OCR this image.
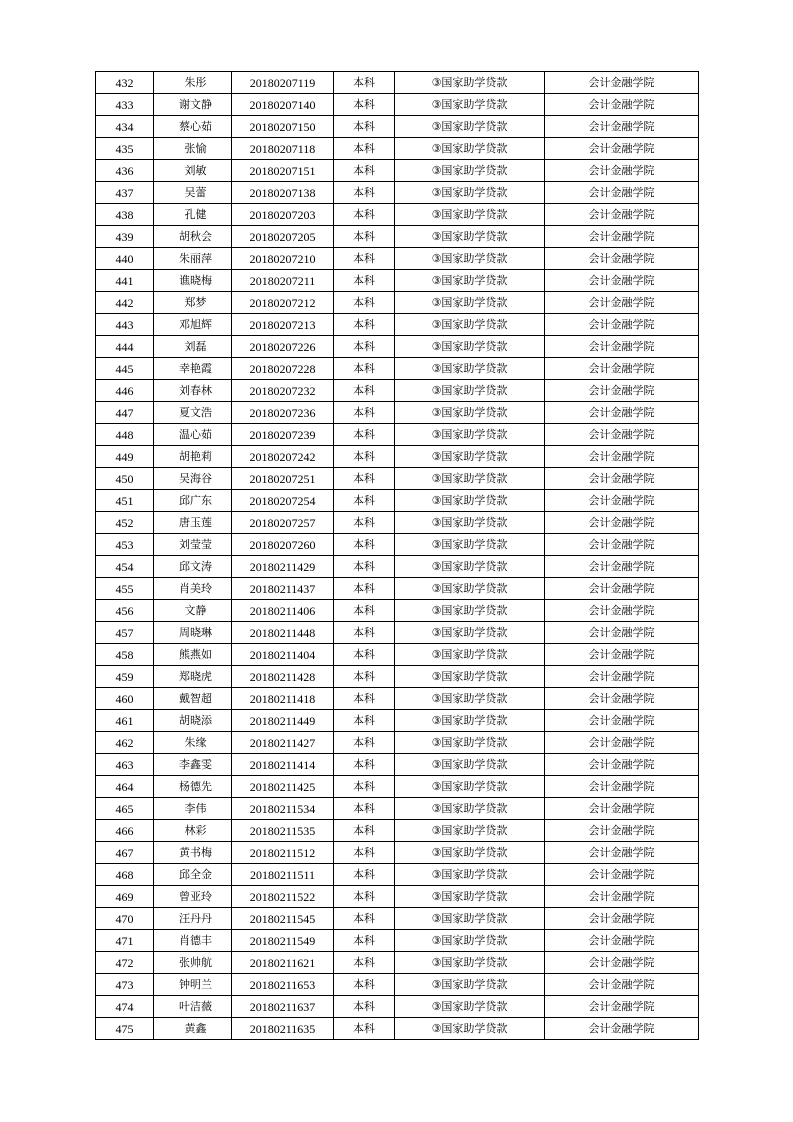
432	朱彤	20180207119	本科	③国家助学贷款	会计金融学院
433	谢文静	20180207140	本科	③国家助学贷款	会计金融学院
434	蔡心茹	20180207150	本科	③国家助学贷款	会计金融学院
435	张愉	20180207118	本科	③国家助学贷款	会计金融学院
436	刘敏	20180207151	本科	③国家助学贷款	会计金融学院
437	吴蕾	20180207138	本科	③国家助学贷款	会计金融学院
438	孔健	20180207203	本科	③国家助学贷款	会计金融学院
439	胡秋会	20180207205	本科	③国家助学贷款	会计金融学院
440	朱丽萍	20180207210	本科	③国家助学贷款	会计金融学院
441	谯晓梅	20180207211	本科	③国家助学贷款	会计金融学院
442	郑梦	20180207212	本科	③国家助学贷款	会计金融学院
443	邓旭辉	20180207213	本科	③国家助学贷款	会计金融学院
444	刘磊	20180207226	本科	③国家助学贷款	会计金融学院
445	幸艳霞	20180207228	本科	③国家助学贷款	会计金融学院
446	刘春林	20180207232	本科	③国家助学贷款	会计金融学院
447	夏文浩	20180207236	本科	③国家助学贷款	会计金融学院
448	温心茹	20180207239	本科	③国家助学贷款	会计金融学院
449	胡艳莉	20180207242	本科	③国家助学贷款	会计金融学院
450	吴海谷	20180207251	本科	③国家助学贷款	会计金融学院
451	邱广东	20180207254	本科	③国家助学贷款	会计金融学院
452	唐玉莲	20180207257	本科	③国家助学贷款	会计金融学院
453	刘莹莹	20180207260	本科	③国家助学贷款	会计金融学院
454	邱文涛	20180211429	本科	③国家助学贷款	会计金融学院
455	肖美玲	20180211437	本科	③国家助学贷款	会计金融学院
456	文静	20180211406	本科	③国家助学贷款	会计金融学院
457	周晓琳	20180211448	本科	③国家助学贷款	会计金融学院
458	熊燕如	20180211404	本科	③国家助学贷款	会计金融学院
459	郑晓虎	20180211428	本科	③国家助学贷款	会计金融学院
460	戴智超	20180211418	本科	③国家助学贷款	会计金融学院
461	胡晓添	20180211449	本科	③国家助学贷款	会计金融学院
462	朱缘	20180211427	本科	③国家助学贷款	会计金融学院
463	李鑫雯	20180211414	本科	③国家助学贷款	会计金融学院
464	杨德先	20180211425	本科	③国家助学贷款	会计金融学院
465	李伟	20180211534	本科	③国家助学贷款	会计金融学院
466	林彩	20180211535	本科	③国家助学贷款	会计金融学院
467	黄书梅	20180211512	本科	③国家助学贷款	会计金融学院
468	邱全金	20180211511	本科	③国家助学贷款	会计金融学院
469	曾亚玲	20180211522	本科	③国家助学贷款	会计金融学院
470	汪丹丹	20180211545	本科	③国家助学贷款	会计金融学院
471	肖德丰	20180211549	本科	③国家助学贷款	会计金融学院
472	张帅航	20180211621	本科	③国家助学贷款	会计金融学院
473	钟明兰	20180211653	本科	③国家助学贷款	会计金融学院
474	叶洁薇	20180211637	本科	③国家助学贷款	会计金融学院
475	黄鑫	20180211635	本科	③国家助学贷款	会计金融学院
